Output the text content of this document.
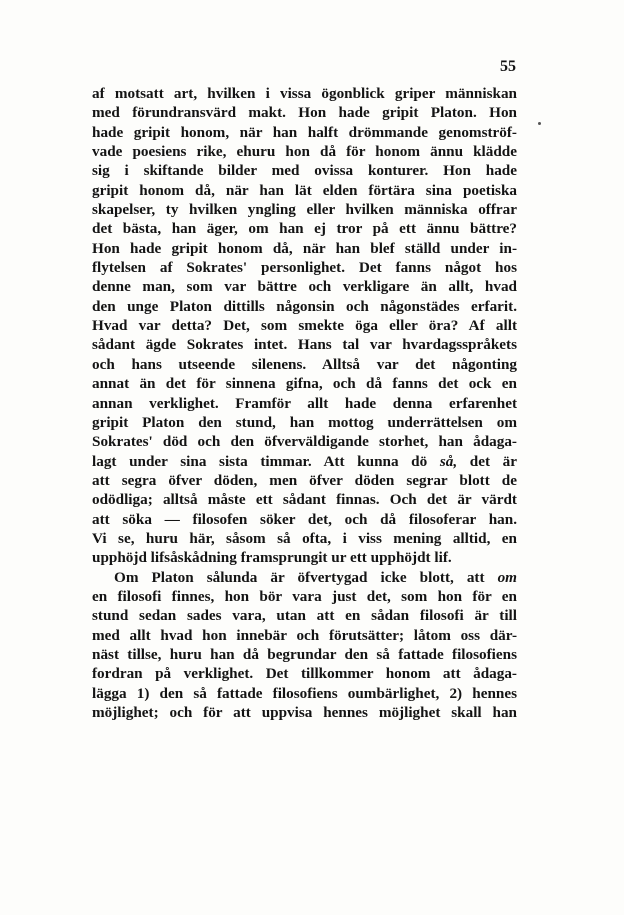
55
af motsatt art, hvilken i vissa ögonblick griper människan
med förundransvärd makt. Hon hade gripit Platon. Hon
hade gripit honom, när han halft drömmande genomströf-
vade poesiens rike, ehuru hon då för honom ännu klädde
sig i skiftande bilder med ovissa konturer. Hon hade
gripit honom då, när han lät elden förtära sina poetiska
skapelser, ty hvilken yngling eller hvilken människa offrar
det bästa, han äger, om han ej tror på ett ännu bättre?
Hon hade gripit honom då, när han blef ställd under in-
flytelsen af Sokrates' personlighet. Det fanns något hos
denne man, som var bättre och verkligare än allt, hvad
den unge Platon dittills någonsin och någonstädes erfarit.
Hvad var detta? Det, som smekte öga eller öra? Af allt
sådant ägde Sokrates intet. Hans tal var hvardagsspråkets
och hans utseende silenens. Alltså var det någonting
annat än det för sinnena gifna, och då fanns det ock en
annan verklighet. Framför allt hade denna erfarenhet
gripit Platon den stund, han mottog underrättelsen om
Sokrates' död och den öfverväldigande storhet, han ådaga-
lagt under sina sista timmar. Att kunna dö så, det är
att segra öfver döden, men öfver döden segrar blott de
odödliga; alltså måste ett sådant finnas. Och det är värdt
att söka — filosofen söker det, och då filosoferar han.
Vi se, huru här, såsom så ofta, i viss mening alltid, en
upphöjd lifsåskådning framsprungit ur ett upphöjdt lif.
Om Platon sålunda är öfvertygad icke blott, att om
en filosofi finnes, hon bör vara just det, som hon för en
stund sedan sades vara, utan att en sådan filosofi är till
med allt hvad hon innebär och förutsätter; låtom oss där-
näst tillse, huru han då begrundar den så fattade filosofiens
fordran på verklighet. Det tillkommer honom att ådaga-
lägga 1) den så fattade filosofiens oumbärlighet, 2) hennes
möjlighet; och för att uppvisa hennes möjlighet skall han
